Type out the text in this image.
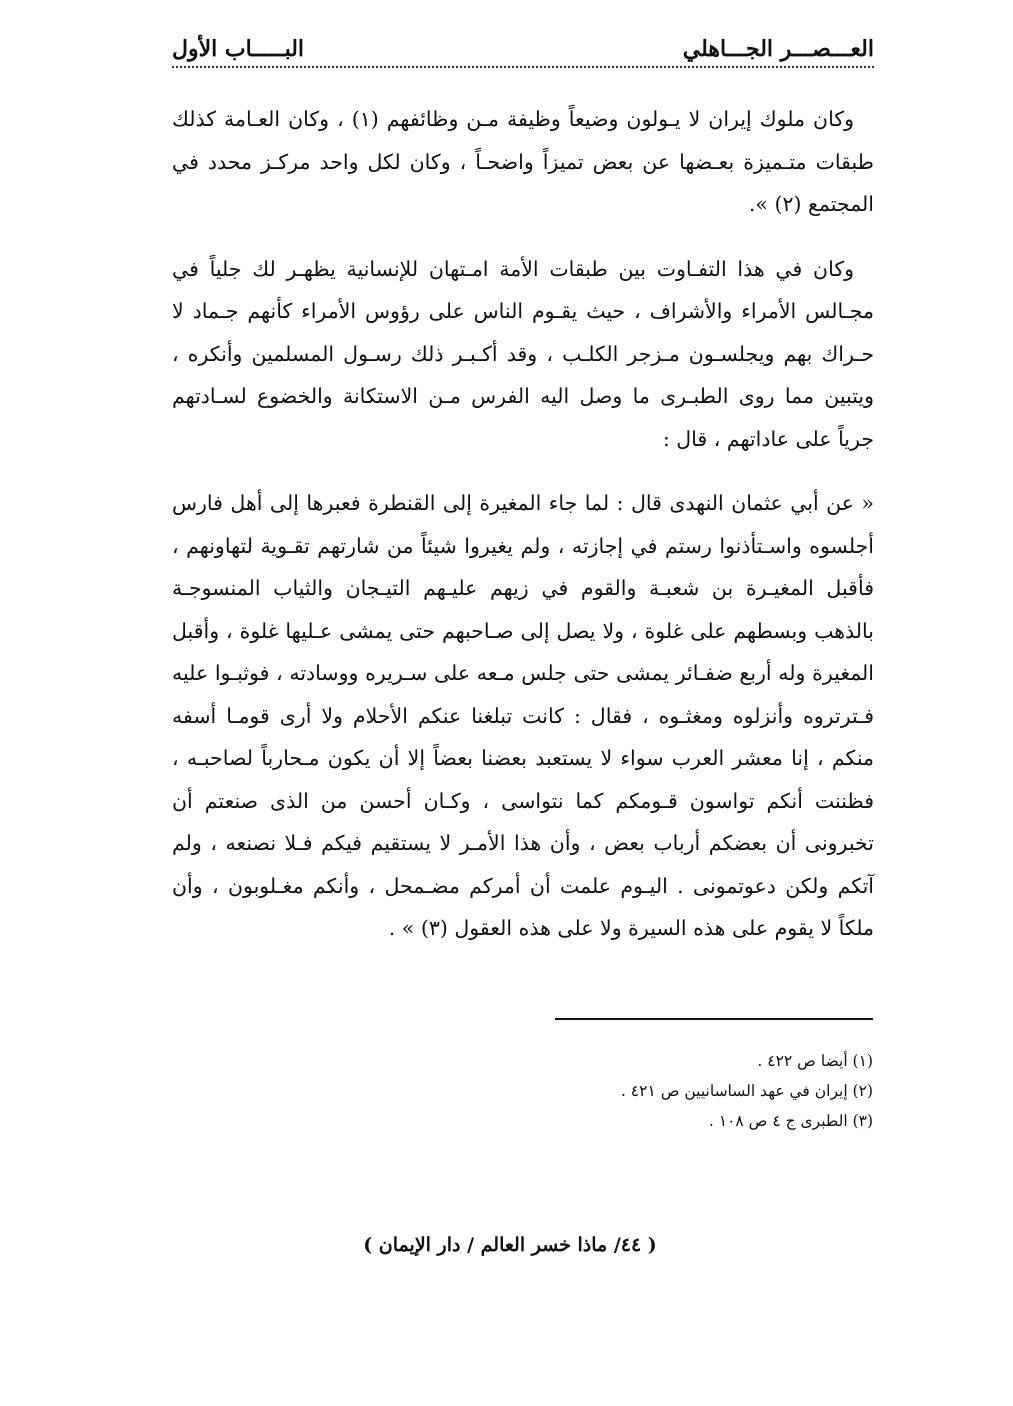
العـــصـــر الجـــاهلي
البـــــاب الأول

وكان ملوك إيران لا يـولون وضيعاً وظيفة مـن وظائفهم (١) ، وكان العـامة كذلك طبقات متـميزة بعـضها عن بعض تميزاً واضحـاً ، وكان لكل واحد مركـز محدد في المجتمع (٢) ».

وكان في هذا التفـاوت بين طبقات الأمة امـتهان للإنسانية يظهـر لك جلياً في مجـالس الأمراء والأشراف ، حيث يقـوم الناس على رؤوس الأمراء كأنهم جـماد لا حـراك بهم ويجلسـون مـزجر الكلـب ، وقد أكـبـر ذلك رسـول المسلمين وأنكره ، ويتبين مما روى الطبـرى ما وصل اليه الفرس مـن الاستكانة والخضوع لسـادتهم جرياً على عاداتهم ، قال :

« عن أبي عثمان النهدى قال : لما جاء المغيرة إلى القنطرة فعبرها إلى أهل فارس أجلسوه واسـتأذنوا رستم في إجازته ، ولم يغيروا شيئاً من شارتهم تقـوية لتهاونهم ، فأقبل المغيـرة بن شعبـة والقوم في زيهم عليـهم التيـجان والثياب المنسوجـة بالذهب وبسطهم على غلوة ، ولا يصل إلى صـاحبهم حتى يمشى عـليها غلوة ، وأقبل المغيرة وله أربع ضفـائر يمشى حتى جلس مـعه على سـريره ووسادته ، فوثبـوا عليه فـترتروه وأنزلوه ومغثـوه ، فقال : كانت تبلغنا عنكم الأحلام ولا أرى قومـا أسفه منكم ، إنا معشر العرب سواء لا يستعبد بعضنا بعضاً إلا أن يكون مـحارباً لصاحبـه ، فظننت أنكم تواسون قـومكم كما نتواسى ، وكـان أحسن من الذى صنعتم أن تخبرونى أن بعضكم أرباب بعض ، وأن هذا الأمـر لا يستقيم فيكم فـلا نصنعه ، ولم آتكم ولكن دعوتمونى . اليـوم علمت أن أمركم مضـمحل ، وأنكم مغـلوبون ، وأن ملكاً لا يقوم على هذه السيرة ولا على هذه العقول (٣) » .

(١) أيضا ص ٤٢٢ .
(٢) إيران في عهد الساسانيين ص ٤٢١ .
(٣) الطبرى ج ٤ ص ١٠٨ .
( ٤٤/ ماذا خسر العالم / دار الإيمان )
